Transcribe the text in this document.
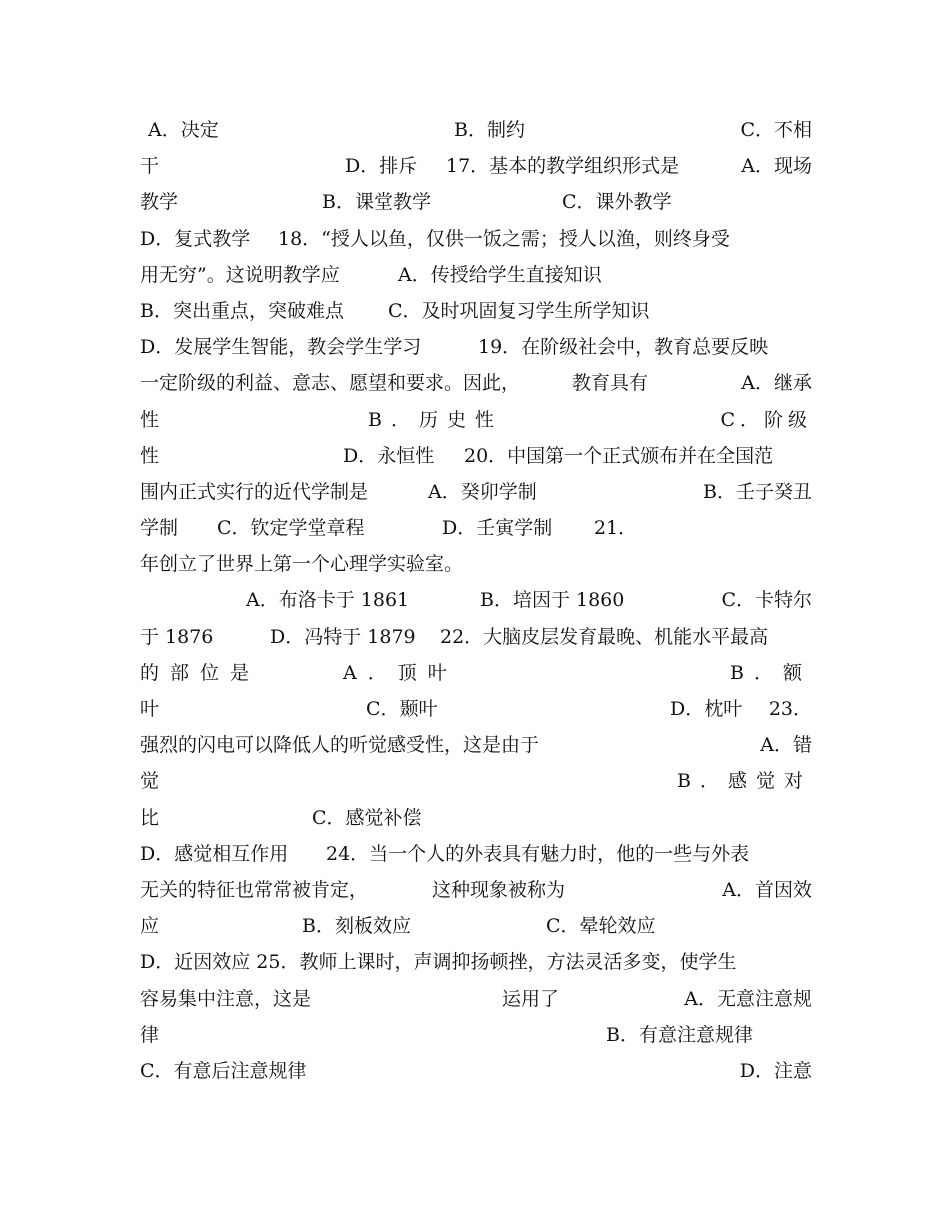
A．决定	B．制约	C．不相
干	D．排斥 17．基本的教学组织形式是	A．现场
教学	B．课堂教学	C．课外教学
D．复式教学 18．“授人以鱼，仅供一饭之需；授人以渔，则终身受
用无穷”。这说明教学应	A．传授给学生直接知识
B．突出重点，突破难点 C．及时巩固复习学生所学知识
D．发展学生智能，教会学生学习	19．在阶级社会中，教育总要反映
一定阶级的利益、意志、愿望和要求。因此，	教育具有	A．继承
性	B．历史性	C．阶级
性	D．永恒性 20．中国第一个正式颁布并在全国范
围内正式实行的近代学制是	A．癸卯学制	B．壬子癸丑
学制 C．钦定学堂章程	D．壬寅学制 21．
年创立了世界上第一个心理学实验室。
A．布洛卡于 1861	B．培因于 1860	C．卡特尔
于 1876	D．冯特于 1879 22．大脑皮层发育最晚、机能水平最高
的部位是	A．顶叶	B．额
叶	C．颞叶	D．枕叶 23．
强烈的闪电可以降低人的听觉感受性，这是由于	A．错
觉	B．感觉对
比	C．感觉补偿
D．感觉相互作用 24．当一个人的外表具有魅力时，他的一些与外表
无关的特征也常常被肯定，	这种现象被称为	A．首因效
应	B．刻板效应	C．晕轮效应
D．近因效应 25．教师上课时，声调抑扬顿挫，方法灵活多变，使学生
容易集中注意，这是	运用了	A．无意注意规
律	B．有意注意规律
C．有意后注意规律	D．注意
